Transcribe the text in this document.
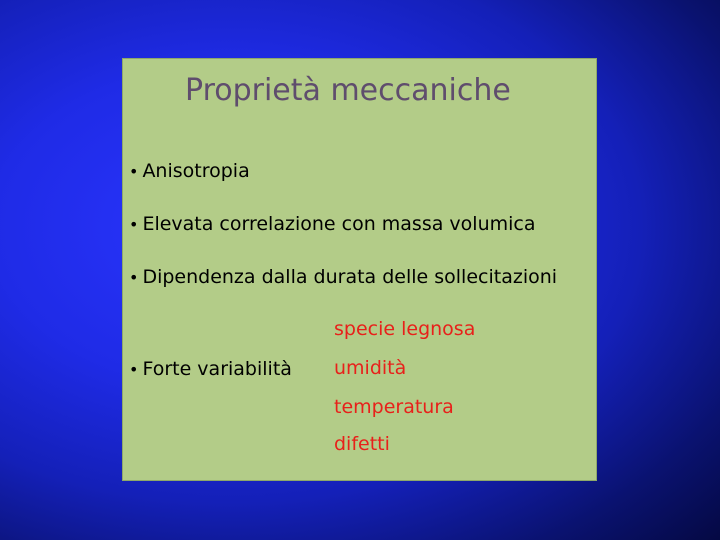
Proprietà meccaniche
• Anisotropia
• Elevata correlazione con massa volumica
• Dipendenza dalla durata delle sollecitazioni
• Forte variabilità
specie legnosa
umidità
temperatura
difetti
